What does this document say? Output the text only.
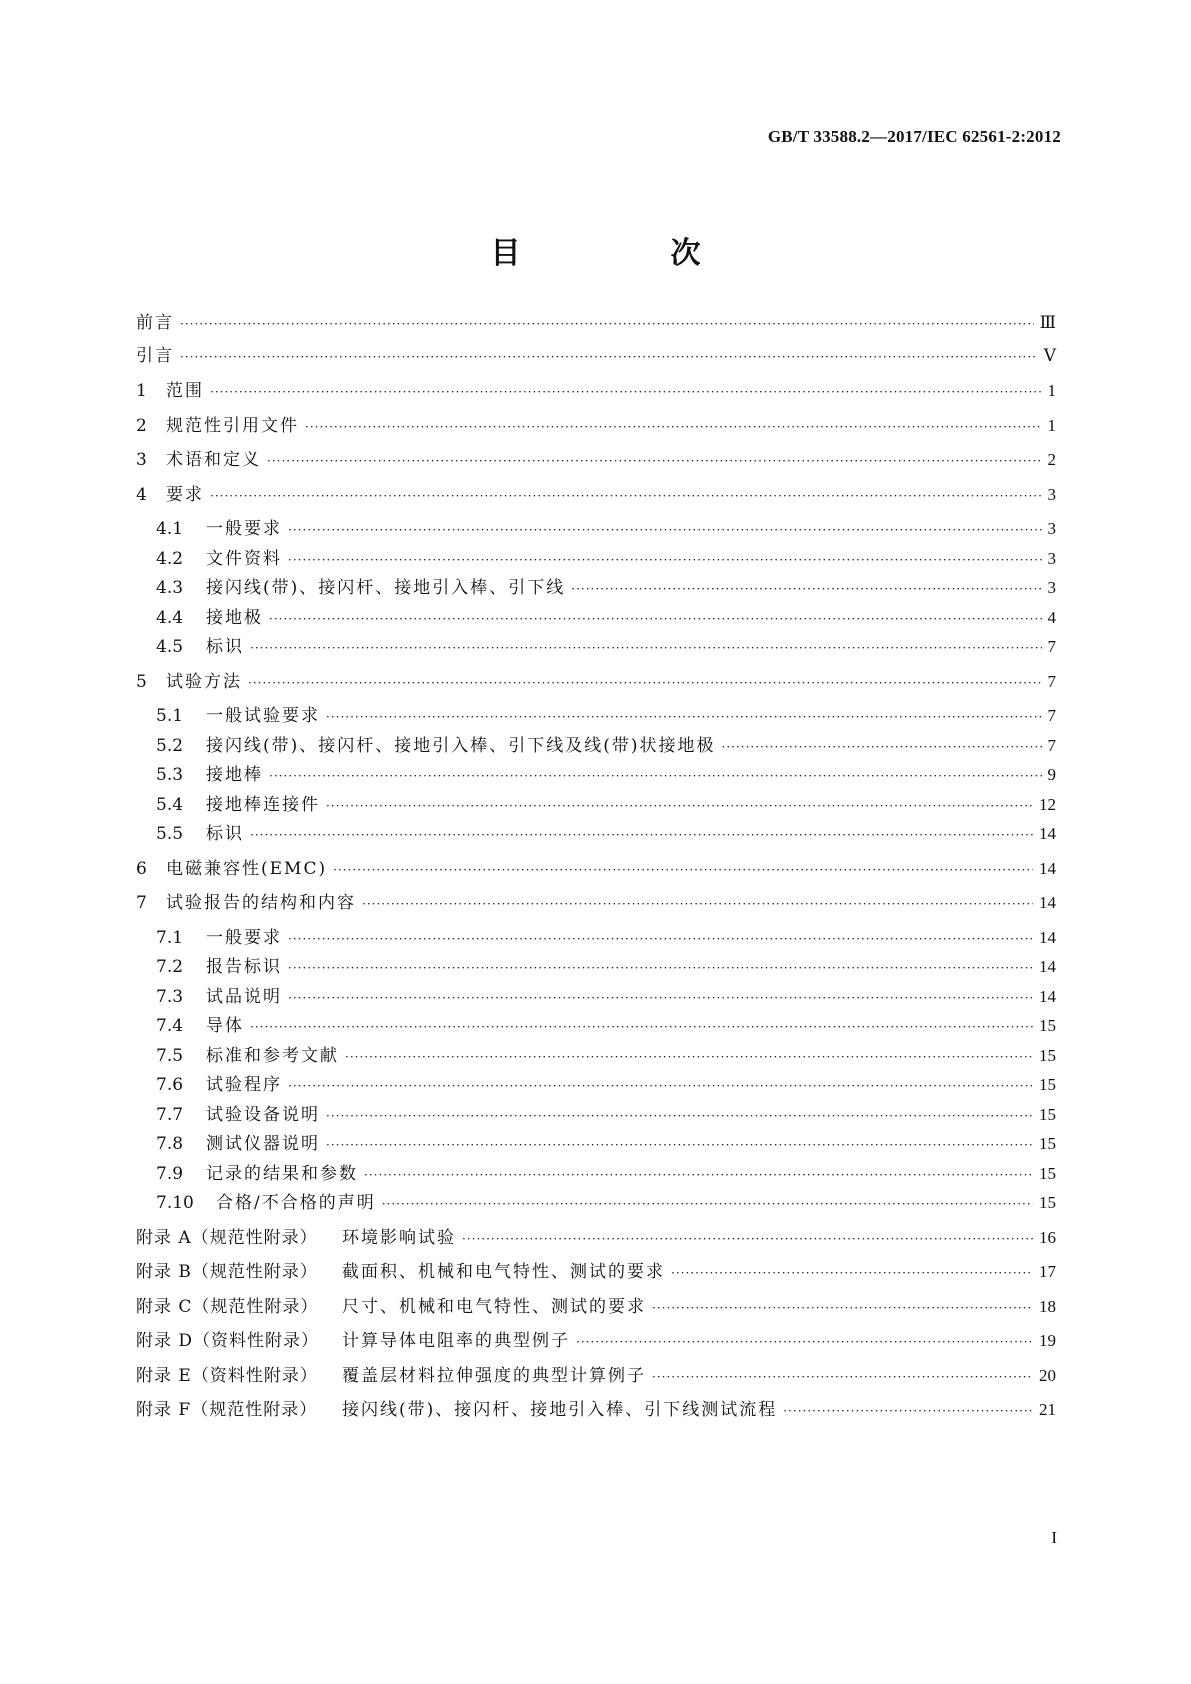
GB/T 33588.2—2017/IEC 62561-2:2012
目　次
前言 ·····	Ⅲ
引言 ·····	Ⅴ
1	范围 ·····	1
2	规范性引用文件 ·····	1
3	术语和定义 ·····	2
4	要求 ·····	3
4.1	一般要求 ·····	3
4.2	文件资料 ·····	3
4.3	接闪线(带)、接闪杆、接地引入棒、引下线 ·····	3
4.4	接地极 ·····	4
4.5	标识 ·····	7
5	试验方法 ·····	7
5.1	一般试验要求 ·····	7
5.2	接闪线(带)、接闪杆、接地引入棒、引下线及线(带)状接地极 ·····	7
5.3	接地棒 ·····	9
5.4	接地棒连接件 ·····	12
5.5	标识 ·····	14
6	电磁兼容性(EMC) ·····	14
7	试验报告的结构和内容 ·····	14
7.1	一般要求 ·····	14
7.2	报告标识 ·····	14
7.3	试品说明 ·····	14
7.4	导体 ·····	15
7.5	标准和参考文献 ·····	15
7.6	试验程序 ·····	15
7.7	试验设备说明 ·····	15
7.8	测试仪器说明 ·····	15
7.9	记录的结果和参数 ·····	15
7.10	合格/不合格的声明 ·····	15
附录 A（规范性附录）	环境影响试验 ·····	16
附录 B（规范性附录）	截面积、机械和电气特性、测试的要求 ·····	17
附录 C（规范性附录）	尺寸、机械和电气特性、测试的要求 ·····	18
附录 D（资料性附录）	计算导体电阻率的典型例子 ·····	19
附录 E（资料性附录）	覆盖层材料拉伸强度的典型计算例子 ·····	20
附录 F（规范性附录）	接闪线(带)、接闪杆、接地引入棒、引下线测试流程 ·····	21
I
